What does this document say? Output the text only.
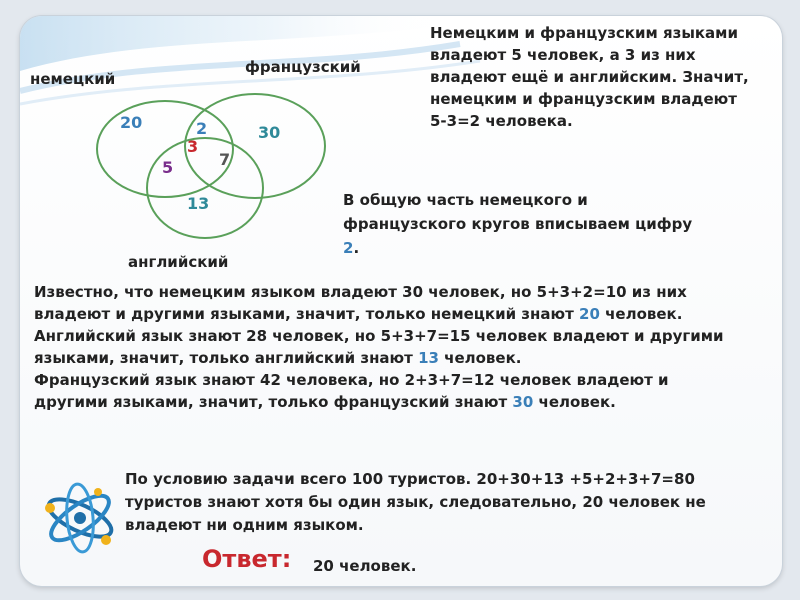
немецкий

французский

английский

20
30
13
2
3
5	7

Немецким и французским языками

владеют 5 человек, а 3 из них

владеют ещё и английским. Значит,

немецким и французским владеют

5-3=2 человека.

В общую часть немецкого и

французского кругов вписываем цифру

2.

Известно, что немецким языком владеют 30 человек, но 5+3+2=10 из них

владеют и другими языками, значит, только немецкий знают 20 человек.

Английский язык знают 28 человек, но 5+3+7=15 человек владеют и другими

языками, значит, только английский знают 13 человек.

Французский язык знают 42 человека, но 2+3+7=12 человек владеют и

другими языками, значит, только французский знают 30 человек.

По условию задачи всего 100 туристов. 20+30+13 +5+2+3+7=80

туристов знают хотя бы один язык, следовательно, 20 человек не

владеют ни одним языком.

Ответ: 20 человек.
